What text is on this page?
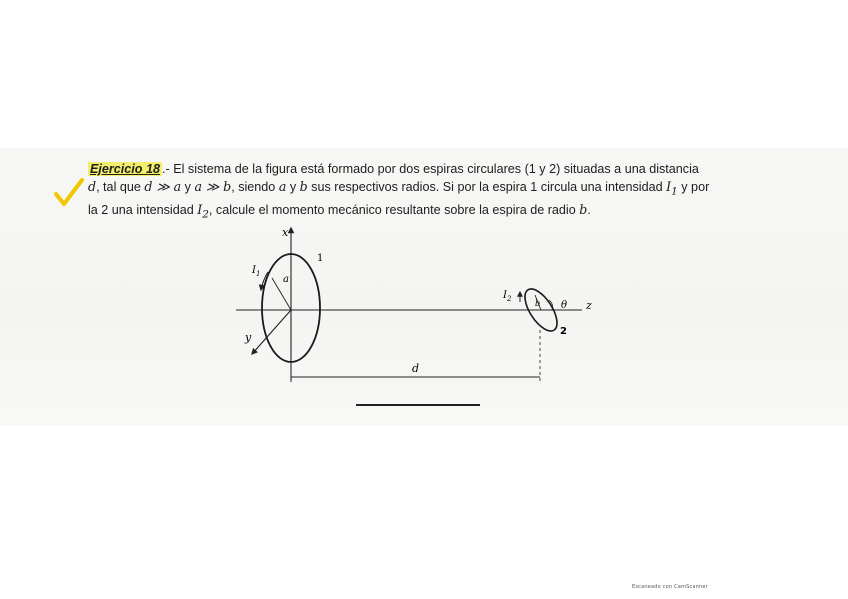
Ejercicio 18 .- El sistema de la figura está formado por dos espiras circulares (1 y 2) situadas a una distancia
d, tal que d ≫ a y a ≫ b, siendo a y b sus respectivos radios. Si por la espira 1 circula una intensidad $I_1$ y por
la 2 una intensidad $I_2$, calcule el momento mecánico resultante sobre la espira de radio b.
x
y
z
1
2
a
$I_1$
$I_2$	b θ
d
Escaneado con CamScanner
